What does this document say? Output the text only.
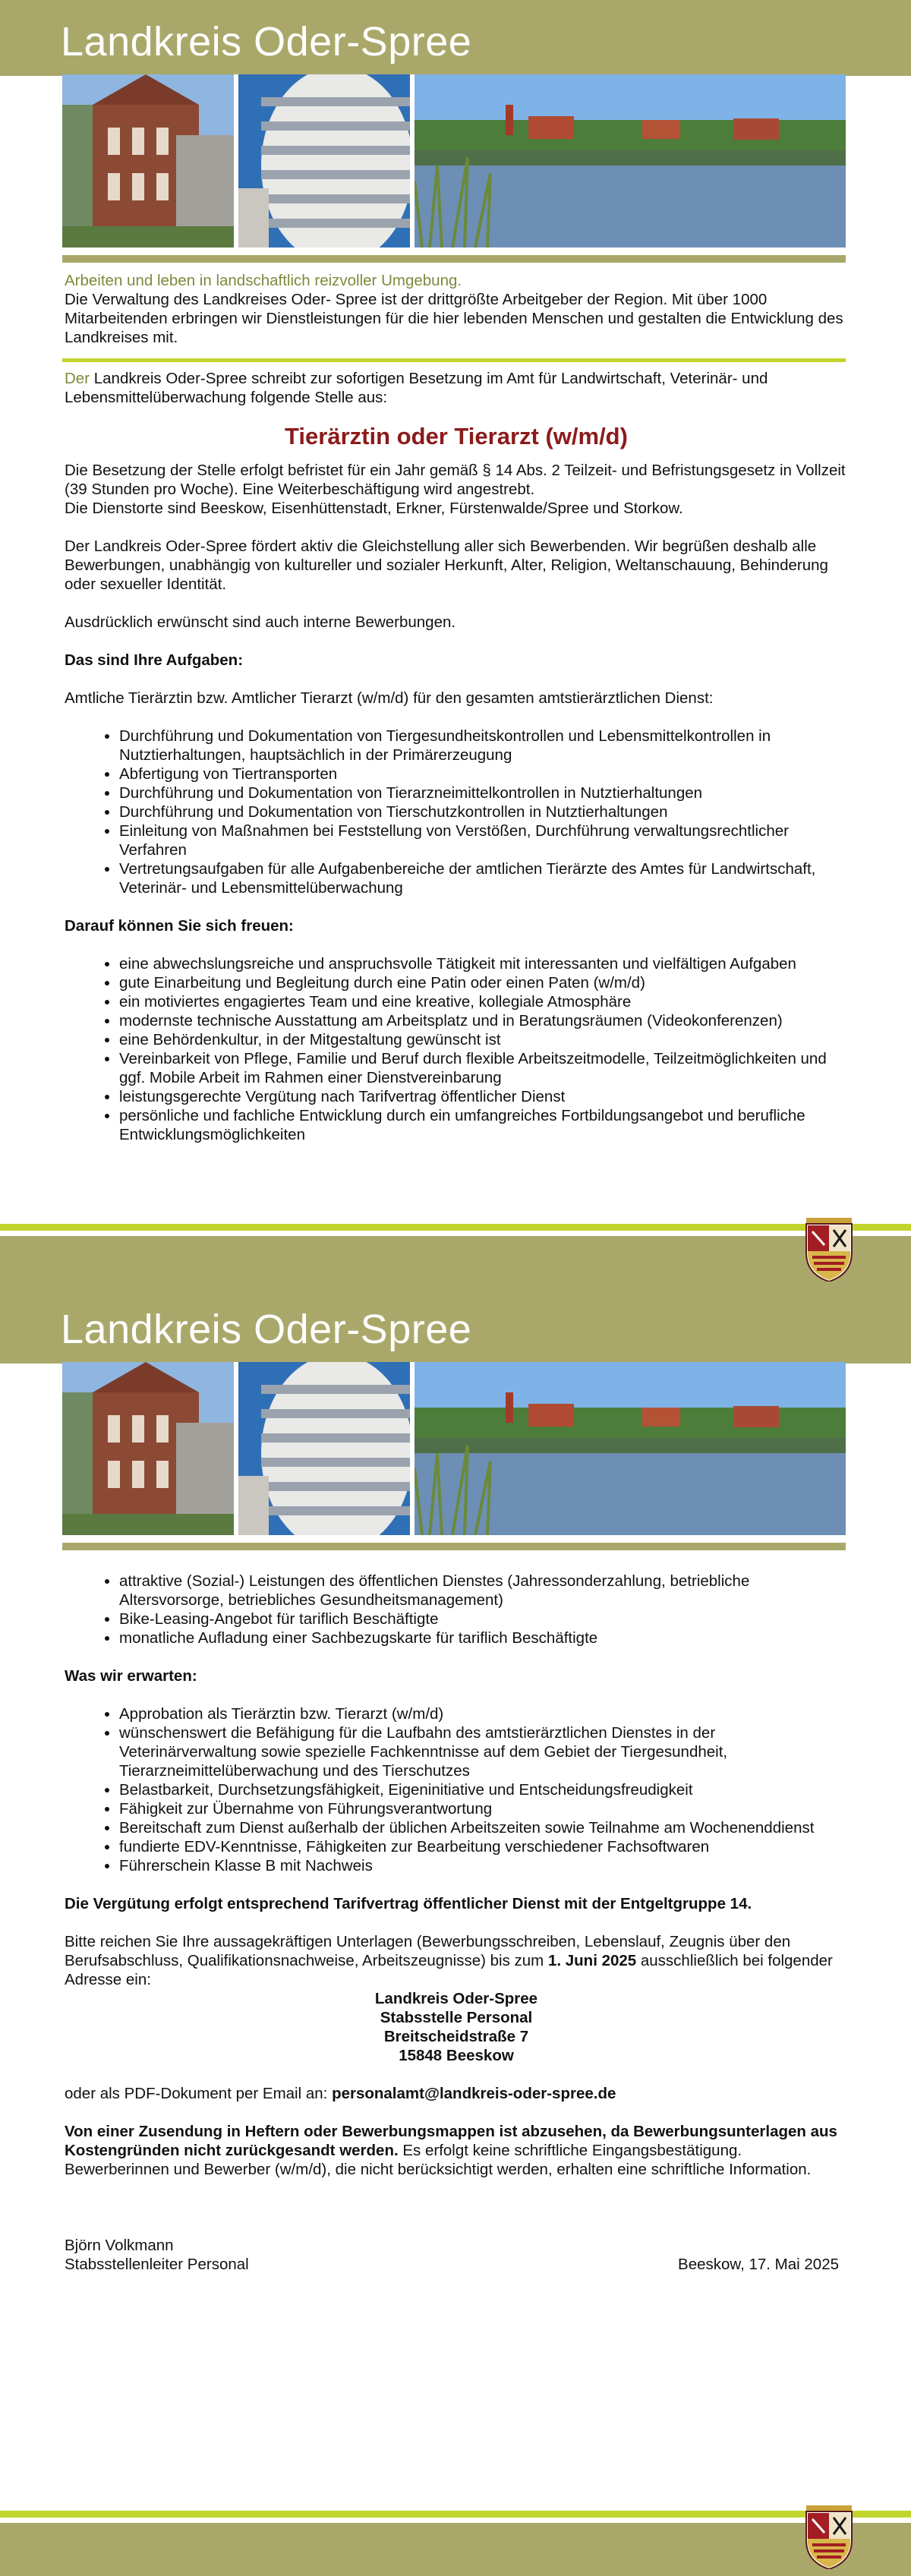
Landkreis Oder-Spree

Arbeiten und leben in landschaftlich reizvoller Umgebung.

Die Verwaltung des Landkreises Oder- Spree ist der drittgrößte Arbeitgeber der Region. Mit über 1000 Mitarbeitenden erbringen wir Dienstleistungen für die hier lebenden Menschen und gestalten die Entwicklung des Landkreises mit.

Der Landkreis Oder-Spree schreibt zur sofortigen Besetzung im Amt für Landwirtschaft, Veterinär- und Lebensmittelüberwachung folgende Stelle aus:

Tierärztin oder Tierarzt (w/m/d)

Die Besetzung der Stelle erfolgt befristet für ein Jahr gemäß § 14 Abs. 2 Teilzeit- und Befristungsgesetz in Vollzeit (39 Stunden pro Woche). Eine Weiterbeschäftigung wird angestrebt.

Die Dienstorte sind Beeskow, Eisenhüttenstadt, Erkner, Fürstenwalde/Spree und Storkow.

Der Landkreis Oder-Spree fördert aktiv die Gleichstellung aller sich Bewerbenden. Wir begrüßen deshalb alle Bewerbungen, unabhängig von kultureller und sozialer Herkunft, Alter, Religion, Weltanschauung, Behinderung oder sexueller Identität.

Ausdrücklich erwünscht sind auch interne Bewerbungen.

Das sind Ihre Aufgaben:

Amtliche Tierärztin bzw. Amtlicher Tierarzt (w/m/d) für den gesamten amtstierärztlichen Dienst:

• Durchführung und Dokumentation von Tiergesundheitskontrollen und Lebensmittelkontrollen in Nutztierhaltungen, hauptsächlich in der Primärerzeugung
• Abfertigung von Tiertransporten
• Durchführung und Dokumentation von Tierarzneimittelkontrollen in Nutztierhaltungen
• Durchführung und Dokumentation von Tierschutzkontrollen in Nutztierhaltungen
• Einleitung von Maßnahmen bei Feststellung von Verstößen, Durchführung verwaltungsrechtlicher Verfahren
• Vertretungsaufgaben für alle Aufgabenbereiche der amtlichen Tierärzte des Amtes für Landwirtschaft, Veterinär- und Lebensmittelüberwachung

Darauf können Sie sich freuen:

• eine abwechslungsreiche und anspruchsvolle Tätigkeit mit interessanten und vielfältigen Aufgaben
• gute Einarbeitung und Begleitung durch eine Patin oder einen Paten (w/m/d)
• ein motiviertes engagiertes Team und eine kreative, kollegiale Atmosphäre
• modernste technische Ausstattung am Arbeitsplatz und in Beratungsräumen (Videokonferenzen)
• eine Behördenkultur, in der Mitgestaltung gewünscht ist
• Vereinbarkeit von Pflege, Familie und Beruf durch flexible Arbeitszeitmodelle, Teilzeitmöglichkeiten und ggf. Mobile Arbeit im Rahmen einer Dienstvereinbarung
• leistungsgerechte Vergütung nach Tarifvertrag öffentlicher Dienst
• persönliche und fachliche Entwicklung durch ein umfangreiches Fortbildungsangebot und berufliche Entwicklungsmöglichkeiten
Landkreis Oder-Spree
• attraktive (Sozial-) Leistungen des öffentlichen Dienstes (Jahressonderzahlung, betriebliche Altersvorsorge, betriebliches Gesundheitsmanagement)
• Bike-Leasing-Angebot für tariflich Beschäftigte
• monatliche Aufladung einer Sachbezugskarte für tariflich Beschäftigte

Was wir erwarten:

• Approbation als Tierärztin bzw. Tierarzt (w/m/d)
• wünschenswert die Befähigung für die Laufbahn des amtstierärztlichen Dienstes in der Veterinärverwaltung sowie spezielle Fachkenntnisse auf dem Gebiet der Tiergesundheit, Tierarzneimittelüberwachung und des Tierschutzes
• Belastbarkeit, Durchsetzungsfähigkeit, Eigeninitiative und Entscheidungsfreudigkeit
• Fähigkeit zur Übernahme von Führungsverantwortung
• Bereitschaft zum Dienst außerhalb der üblichen Arbeitszeiten sowie Teilnahme am Wochenenddienst
• fundierte EDV-Kenntnisse, Fähigkeiten zur Bearbeitung verschiedener Fachsoftwaren
• Führerschein Klasse B mit Nachweis

Die Vergütung erfolgt entsprechend Tarifvertrag öffentlicher Dienst mit der Entgeltgruppe 14.

Bitte reichen Sie Ihre aussagekräftigen Unterlagen (Bewerbungsschreiben, Lebenslauf, Zeugnis über den Berufsabschluss, Qualifikationsnachweise, Arbeitszeugnisse) bis zum 1. Juni 2025 ausschließlich bei folgender Adresse ein:

Landkreis Oder-Spree
Stabsstelle Personal
Breitscheidstraße 7
15848 Beeskow

oder als PDF-Dokument per Email an: personalamt@landkreis-oder-spree.de

Von einer Zusendung in Heftern oder Bewerbungsmappen ist abzusehen, da Bewerbungsunterlagen aus Kostengründen nicht zurückgesandt werden. Es erfolgt keine schriftliche Eingangsbestätigung. Bewerberinnen und Bewerber (w/m/d), die nicht berücksichtigt werden, erhalten eine schriftliche Information.

Björn Volkmann

Stabsstellenleiter Personal	Beeskow, 17. Mai 2025
